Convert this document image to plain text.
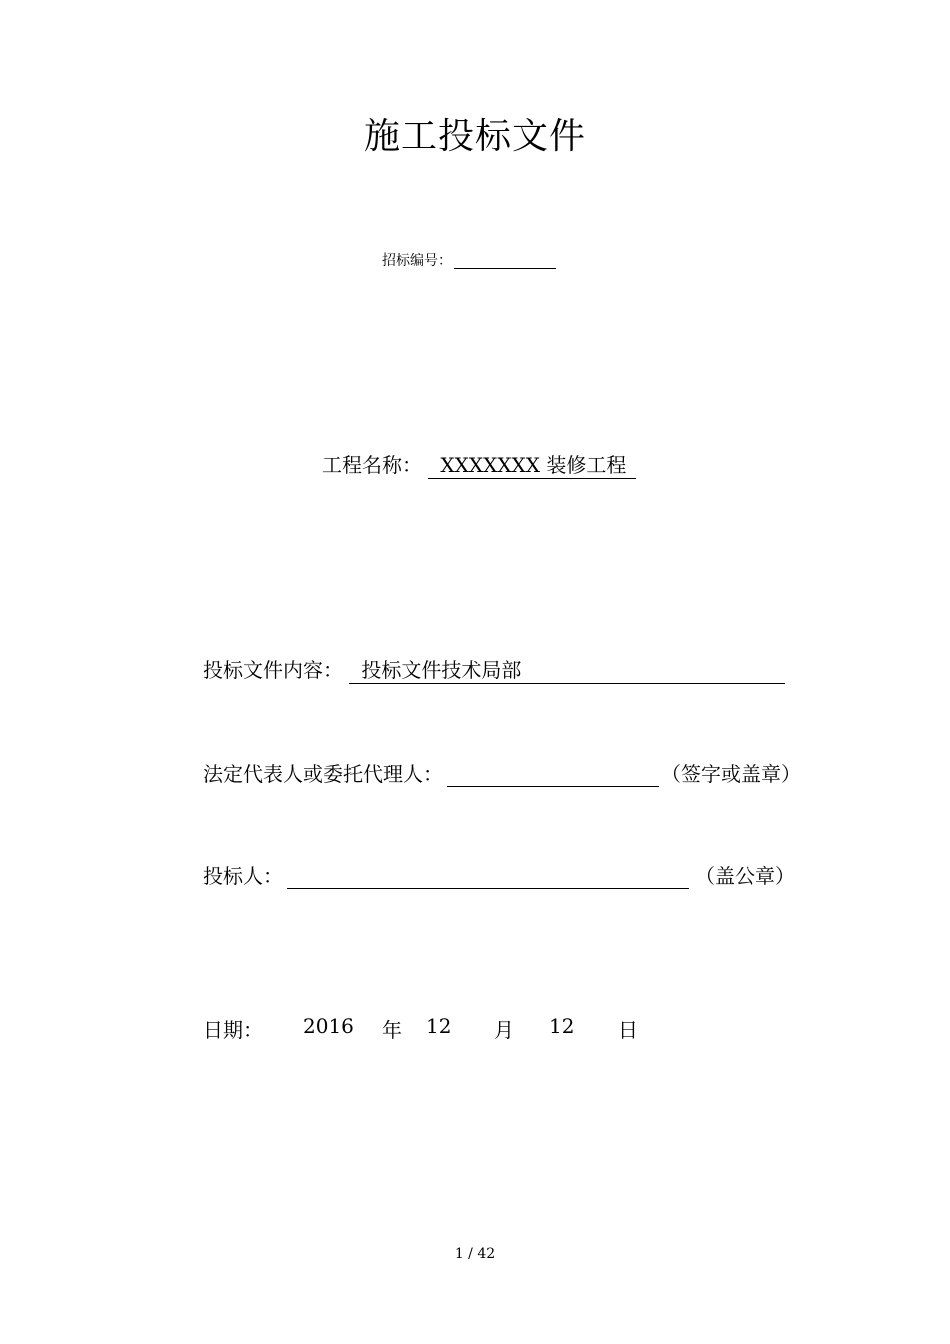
施工投标文件
招标编号：
工程名称： XXXXXXX 装修工程
投标文件内容： 投标文件技术局部
法定代表人或委托代理人：	（签字或盖章）
投标人：	（盖公章）
日期： 2016 年 12 月 12 日
1 / 42
